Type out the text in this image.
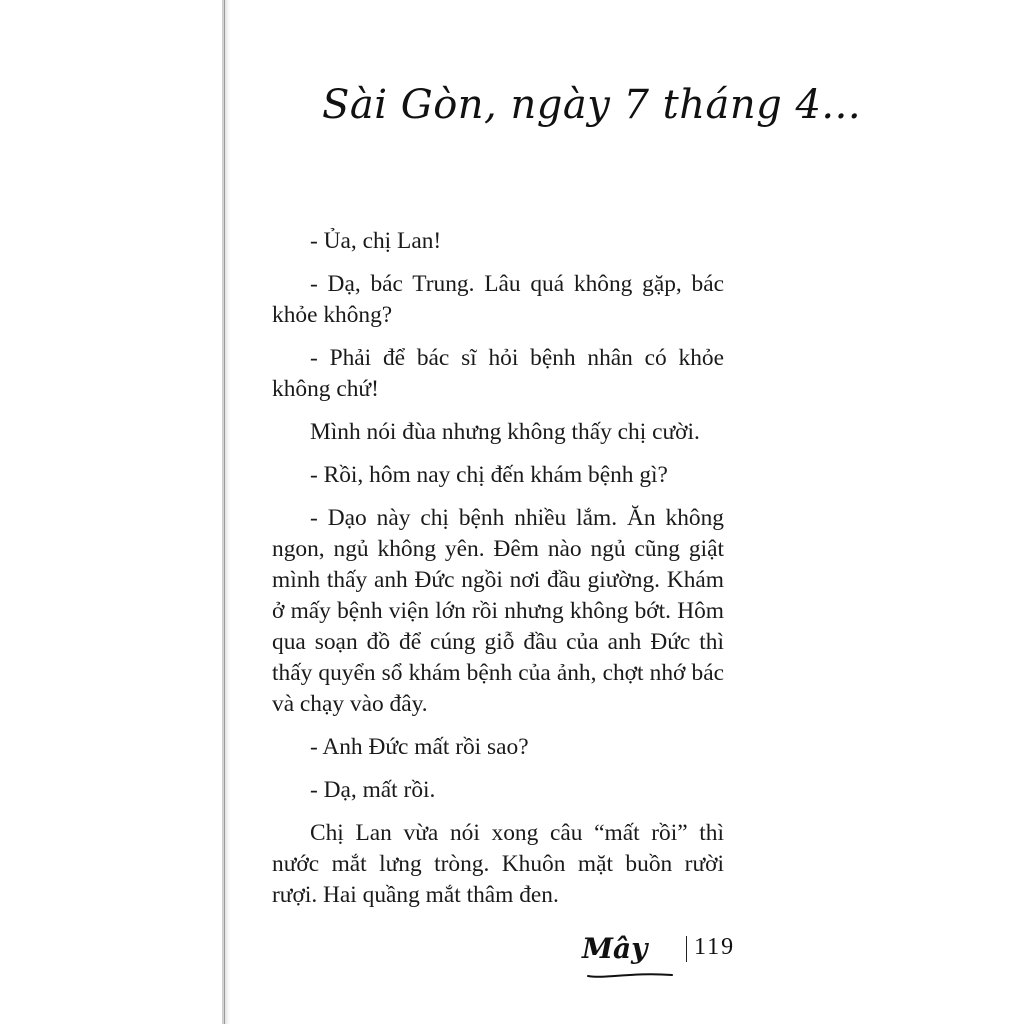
Sài Gòn, ngày 7 tháng 4...

- Ủa, chị Lan!

- Dạ, bác Trung. Lâu quá không gặp, bác khỏe không?

- Phải để bác sĩ hỏi bệnh nhân có khỏe không chứ!

Mình nói đùa nhưng không thấy chị cười.

- Rồi, hôm nay chị đến khám bệnh gì?

- Dạo này chị bệnh nhiều lắm. Ăn không ngon, ngủ không yên. Đêm nào ngủ cũng giật mình thấy anh Đức ngồi nơi đầu giường. Khám ở mấy bệnh viện lớn rồi nhưng không bớt. Hôm qua soạn đồ để cúng giỗ đầu của anh Đức thì thấy quyển sổ khám bệnh của ảnh, chợt nhớ bác và chạy vào đây.

- Anh Đức mất rồi sao?

- Dạ, mất rồi.

Chị Lan vừa nói xong câu “mất rồi” thì nước mắt lưng tròng. Khuôn mặt buồn rười rượi. Hai quầng mắt thâm đen.

Mây 119
